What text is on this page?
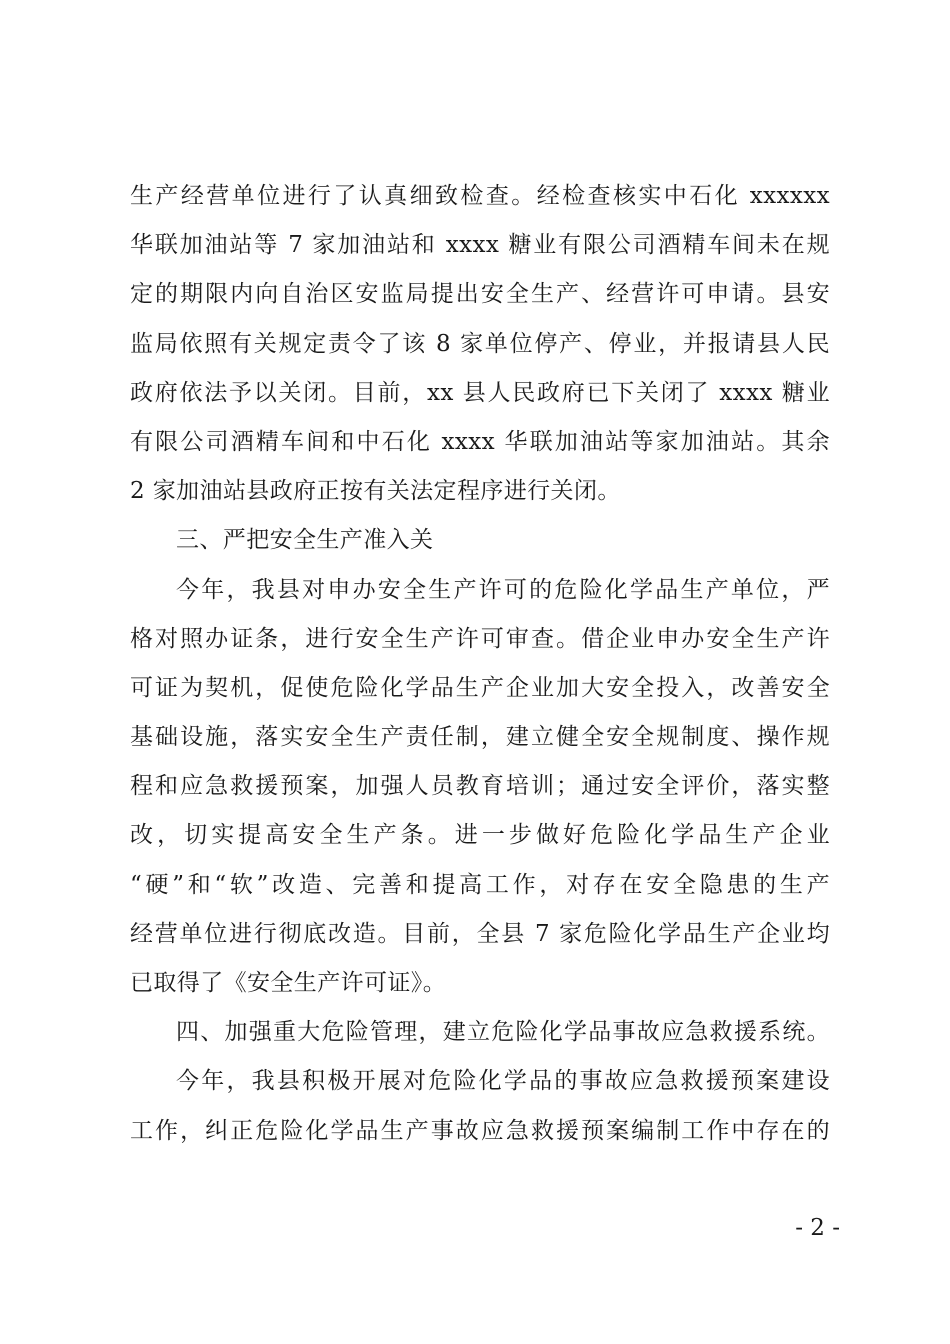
生产经营单位进行了认真细致检查。经检查核实中石化 xxxxxx
华联加油站等 7 家加油站和 xxxx 糖业有限公司酒精车间未在规
定的期限内向自治区安监局提出安全生产、经营许可申请。县安
监局依照有关规定责令了该 8 家单位停产、停业，并报请县人民
政府依法予以关闭。目前，xx 县人民政府已下关闭了 xxxx 糖业
有限公司酒精车间和中石化 xxxx 华联加油站等家加油站。其余
2 家加油站县政府正按有关法定程序进行关闭。
三、严把安全生产准入关
今年，我县对申办安全生产许可的危险化学品生产单位，严
格对照办证条，进行安全生产许可审查。借企业申办安全生产许
可证为契机，促使危险化学品生产企业加大安全投入，改善安全
基础设施，落实安全生产责任制，建立健全安全规制度、操作规
程和应急救援预案，加强人员教育培训；通过安全评价，落实整
改，切实提高安全生产条。进一步做好危险化学品生产企业
“硬”和“软”改造、完善和提高工作，对存在安全隐患的生产
经营单位进行彻底改造。目前，全县 7 家危险化学品生产企业均
已取得了《安全生产许可证》。
四、加强重大危险管理，建立危险化学品事故应急救援系统。
今年，我县积极开展对危险化学品的事故应急救援预案建设
工作，纠正危险化学品生产事故应急救援预案编制工作中存在的
- 2 -
